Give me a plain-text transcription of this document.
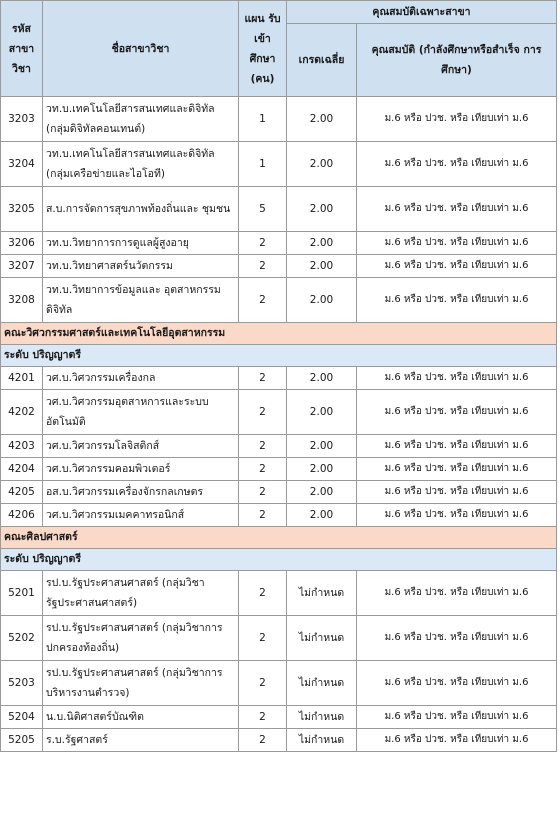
รหัส สาขา วิชา	ชื่อสาขาวิชา	แผน รับเข้า ศึกษา (คน)	คุณสมบัติเฉพาะสาขา	
			เกรดเฉลี่ย	คุณสมบัติ (กำลังศึกษาหรือสำเร็จ การศึกษา)
3203	วท.บ.เทคโนโลยีสารสนเทศและดิจิทัล (กลุ่มดิจิทัลคอนเทนต์)	1	2.00	ม.6 หรือ ปวช. หรือ เทียบเท่า ม.6
3204	วท.บ.เทคโนโลยีสารสนเทศและดิจิทัล (กลุ่มเครือข่ายและไอโอที)	1	2.00	ม.6 หรือ ปวช. หรือ เทียบเท่า ม.6
3205	ส.บ.การจัดการสุขภาพท้องถิ่นและ ชุมชน	5	2.00	ม.6 หรือ ปวช. หรือ เทียบเท่า ม.6
3206	วท.บ.วิทยาการการดูแลผู้สูงอายุ	2	2.00	ม.6 หรือ ปวช. หรือ เทียบเท่า ม.6
3207	วท.บ.วิทยาศาสตร์นวัตกรรม	2	2.00	ม.6 หรือ ปวช. หรือ เทียบเท่า ม.6
3208	วท.บ.วิทยาการข้อมูลและ อุตสาหกรรมดิจิทัล	2	2.00	ม.6 หรือ ปวช. หรือ เทียบเท่า ม.6
คณะวิศวกรรมศาสตร์และเทคโนโลยีอุตสาหกรรม				
ระดับ ปริญญาตรี				
4201	วศ.บ.วิศวกรรมเครื่องกล	2	2.00	ม.6 หรือ ปวช. หรือ เทียบเท่า ม.6
4202	วศ.บ.วิศวกรรมอุตสาหการและระบบ อัตโนมัติ	2	2.00	ม.6 หรือ ปวช. หรือ เทียบเท่า ม.6
4203	วศ.บ.วิศวกรรมโลจิสติกส์	2	2.00	ม.6 หรือ ปวช. หรือ เทียบเท่า ม.6
4204	วศ.บ.วิศวกรรมคอมพิวเตอร์	2	2.00	ม.6 หรือ ปวช. หรือ เทียบเท่า ม.6
4205	อส.บ.วิศวกรรมเครื่องจักรกลเกษตร	2	2.00	ม.6 หรือ ปวช. หรือ เทียบเท่า ม.6
4206	วศ.บ.วิศวกรรมเมคคาทรอนิกส์	2	2.00	ม.6 หรือ ปวช. หรือ เทียบเท่า ม.6
คณะศิลปศาสตร์				
ระดับ ปริญญาตรี				
5201	รป.บ.รัฐประศาสนศาสตร์ (กลุ่มวิชารัฐประศาสนศาสตร์)	2	ไม่กำหนด	ม.6 หรือ ปวช. หรือ เทียบเท่า ม.6
5202	รป.บ.รัฐประศาสนศาสตร์ (กลุ่มวิชาการปกครองท้องถิ่น)	2	ไม่กำหนด	ม.6 หรือ ปวช. หรือ เทียบเท่า ม.6
5203	รป.บ.รัฐประศาสนศาสตร์ (กลุ่มวิชาการบริหารงานตำรวจ)	2	ไม่กำหนด	ม.6 หรือ ปวช. หรือ เทียบเท่า ม.6
5204	น.บ.นิติศาสตร์บัณฑิต	2	ไม่กำหนด	ม.6 หรือ ปวช. หรือ เทียบเท่า ม.6
5205	ร.บ.รัฐศาสตร์	2	ไม่กำหนด	ม.6 หรือ ปวช. หรือ เทียบเท่า ม.6
